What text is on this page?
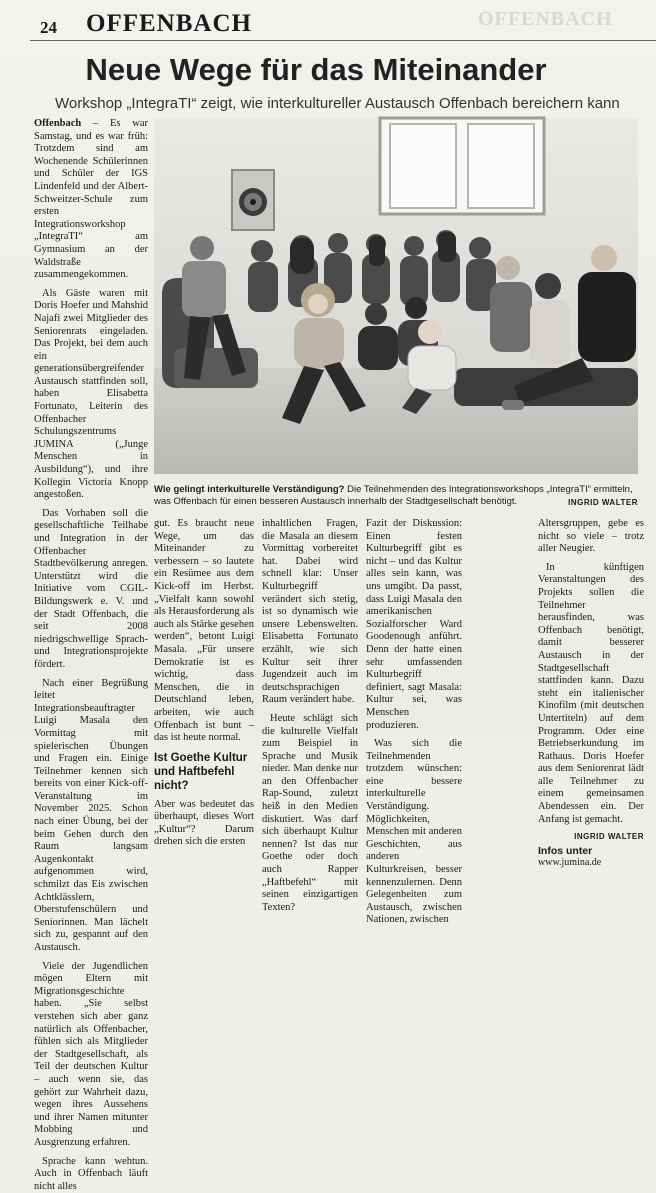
24 OFFENBACH	OFFENBACH
Neue Wege für das Miteinander
Workshop „IntegraTI“ zeigt, wie interkultureller Austausch Offenbach bereichern kann

Offenbach – Es war Samstag, und es war früh: Trotzdem sind am Wochenende Schülerinnen und Schüler der IGS Lindenfeld und der Albert-Schweitzer-Schule zum ersten Integrationsworkshop „IntegraTI“ am Gymnasium an der Waldstraße zusammengekommen.

Als Gäste waren mit Doris Hoefer und Mahshid Najafi zwei Mitglieder des Seniorenrats eingeladen. Das Projekt, bei dem auch ein generationsübergreifender Austausch stattfinden soll, haben Elisabetta Fortunato, Leiterin des Offenbacher Schulungszentrums JUMINA („Junge Menschen in Ausbildung“), und ihre Kollegin Victoria Knopp angestoßen.

Das Vorhaben soll die gesellschaftliche Teilhabe und Integration in der Offenbacher Stadtbevölkerung anregen. Unterstützt wird die Initiative vom CGIL-Bildungswerk e. V. und der Stadt Offenbach, die seit 2008 niedrigschwellige Sprach- und Integrationsprojekte fördert.

Nach einer Begrüßung leitet Integrationsbeauftragter Luigi Masala den Vormittag mit spielerischen Übungen und Fragen ein. Einige Teilnehmer kennen sich bereits von einer Kick-off-Veranstaltung im November 2025. Schon nach einer Übung, bei der beim Gehen durch den Raum langsam Augenkontakt aufgenommen wird, schmilzt das Eis zwischen Achtklässlern, Oberstufenschülern und Seniorinnen. Man lächelt sich zu, gespannt auf den Austausch.

Viele der Jugendlichen mögen Eltern mit Migrationsgeschichte haben. „Sie selbst verstehen sich aber ganz natürlich als Offenbacher, fühlen sich als Mitglieder der Stadtgesellschaft, als Teil der deutschen Kultur – auch wenn sie, das gehört zur Wahrheit dazu, wegen ihres Aussehens und ihrer Namen mitunter Mobbing und Ausgrenzung erfahren.

Sprache kann wehtun. Auch in Offenbach läuft nicht alles

Wie gelingt interkulturelle Verständigung? Die Teilnehmenden des Integrationsworkshops „IntegraTI“ ermitteln, was Offenbach für einen besseren Austausch innerhalb der Stadtgesellschaft benötigt.	INGRID WALTER

gut. Es braucht neue Wege, um das Miteinander zu verbessern – so lautete ein Resümee aus dem Kick-off im Herbst. „Vielfalt kann sowohl als Herausforderung als auch als Stärke gesehen werden“, betont Luigi Masala. „Für unsere Demokratie ist es wichtig, dass Menschen, die in Deutschland leben, arbeiten, wie auch Offenbach ist bunt – das ist heute normal.

Ist Goethe Kultur und Haftbefehl nicht?

Aber was bedeutet das überhaupt, dieses Wort „Kultur“? Darum drehen sich die ersten

inhaltlichen Fragen, die Masala an diesem Vormittag vorbereitet hat. Dabei wird schnell klar: Unser Kulturbegriff verändert sich stetig, ist so dynamisch wie unsere Lebenswelten. Elisabetta Fortunato erzählt, wie sich Kultur seit ihrer Jugendzeit auch im deutschsprachigen Raum verändert habe.

Heute schlägt sich die kulturelle Vielfalt zum Beispiel in Sprache und Musik nieder. Man denke nur an den Offenbacher Rap-Sound, zuletzt heiß in den Medien diskutiert. Was darf sich überhaupt Kultur nennen? Ist das nur Goethe oder doch auch Rapper „Haftbefehl“ mit seinen einzigartigen Texten?

Fazit der Diskussion: Einen festen Kulturbegriff gibt es nicht – und das Kultur alles sein kann, was uns umgibt. Da passt, dass Luigi Masala den amerikanischen Sozialforscher Ward Goodenough anführt. Denn der hatte einen sehr umfassenden Kulturbegriff definiert, sagt Masala: Kultur sei, was Menschen produzieren.

Was sich die Teilnehmenden trotzdem wünschen: eine bessere interkulturelle Verständigung. Möglichkeiten, Menschen mit anderen Geschichten, aus anderen Kulturkreisen, besser kennenzulernen. Denn Gelegenheiten zum Austausch, zwischen Nationen, zwischen

Altersgruppen, gebe es nicht so viele – trotz aller Neugier.

In künftigen Veranstaltungen des Projekts sollen die Teilnehmer herausfinden, was Offenbach benötigt, damit besserer Austausch in der Stadtgesellschaft stattfinden kann. Dazu steht ein italienischer Kinofilm (mit deutschen Untertiteln) auf dem Programm. Oder eine Betriebserkundung im Rathaus. Doris Hoefer aus dem Seniorenrat lädt alle Teilnehmer zu einem gemeinsamen Abendessen ein. Der Anfang ist gemacht.

INGRID WALTER
Infos unter
www.jumina.de
